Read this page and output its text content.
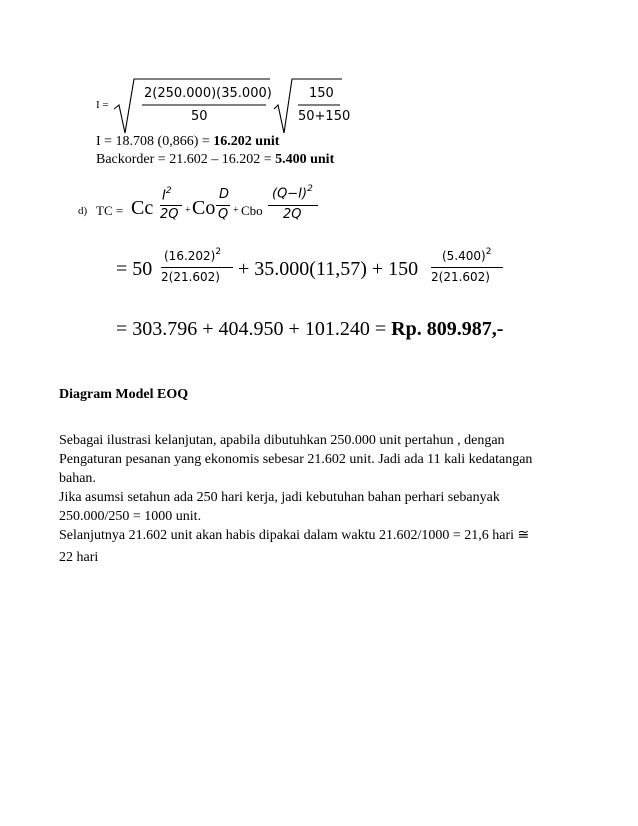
I =
2(250.000)(35.000)
50
150
50+150
I = 18.708 (0,866) = 16.202 unit
Backorder = 21.602 – 16.202 = 5.400 unit
d) TC = Cc
$I^2$
2Q + Co
D
Q + Cbo
$(Q-I)^2$
2Q
= 50
$(16.202)^2$
2(21.602) + 35.000(11,57) + 150
$(5.400)^2$
2(21.602)
= 303.796 + 404.950 + 101.240 = Rp. 809.987,-
Diagram Model EOQ
Sebagai ilustrasi kelanjutan, apabila dibutuhkan 250.000 unit pertahun , dengan
Pengaturan pesanan yang ekonomis sebesar 21.602 unit. Jadi ada 11 kali kedatangan
bahan.
Jika asumsi setahun ada 250 hari kerja, jadi kebutuhan bahan perhari sebanyak
250.000/250 = 1000 unit.
Selanjutnya 21.602 unit akan habis dipakai dalam waktu 21.602/1000 = 21,6 hari ≅
22 hari
